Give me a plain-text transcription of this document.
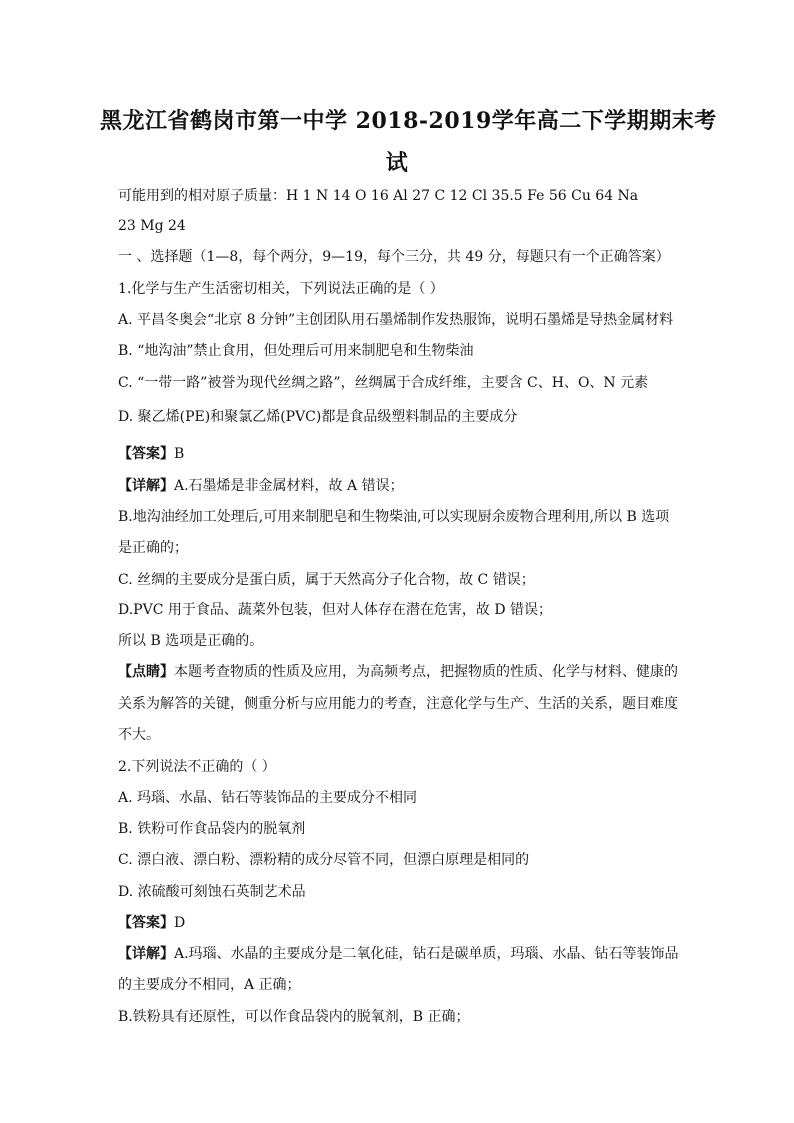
黑龙江省鹤岗市第一中学 2018-2019学年高二下学期期末考
试
可能用到的相对原子质量：H 1 N 14 O 16 Al 27 C 12 Cl 35.5 Fe 56 Cu 64 Na
23 Mg 24
一 、选择题（1—8，每个两分，9—19，每个三分，共 49 分，每题只有一个正确答案）
1.化学与生产生活密切相关，下列说法正确的是（ ）
A. 平昌冬奥会“北京 8 分钟”主创团队用石墨烯制作发热服饰，说明石墨烯是导热金属材料
B. “地沟油”禁止食用，但处理后可用来制肥皂和生物柴油
C. “一带一路”被誉为现代丝绸之路”，丝绸属于合成纤维，主要含 C、H、O、N 元素
D. 聚乙烯(PE)和聚氯乙烯(PVC)都是食品级塑料制品的主要成分
【答案】B
【详解】A.石墨烯是非金属材料，故 A 错误；
B.地沟油经加工处理后,可用来制肥皂和生物柴油,可以实现厨余废物合理利用,所以 B 选项
是正确的；
C. 丝绸的主要成分是蛋白质，属于天然高分子化合物，故 C 错误；
D.PVC 用于食品、蔬菜外包装，但对人体存在潜在危害，故 D 错误；
所以 B 选项是正确的。
【点睛】本题考查物质的性质及应用，为高频考点，把握物质的性质、化学与材料、健康的
关系为解答的关键，侧重分析与应用能力的考查，注意化学与生产、生活的关系，题目难度
不大。
2.下列说法不正确的（ ）
A. 玛瑙、水晶、钻石等装饰品的主要成分不相同
B. 铁粉可作食品袋内的脱氧剂
C. 漂白液、漂白粉、漂粉精的成分尽管不同，但漂白原理是相同的
D. 浓硫酸可刻蚀石英制艺术品
【答案】D
【详解】A.玛瑙、水晶的主要成分是二氧化硅，钻石是碳单质，玛瑙、水晶、钻石等装饰品
的主要成分不相同，A 正确；
B.铁粉具有还原性，可以作食品袋内的脱氧剂，B 正确；
